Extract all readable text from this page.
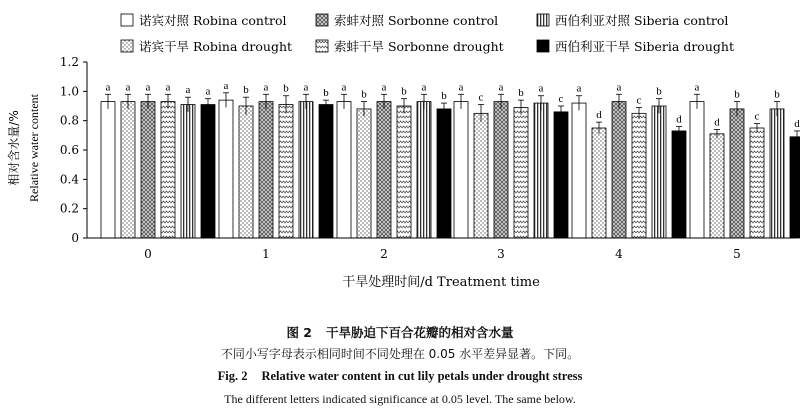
诺宾对照 Robina control	索蚌对照 Sorbonne control	西伯利亚对照 Siberia control
诺宾干旱 Robina drought	索蚌干旱 Sorbonne drought	西伯利亚干旱 Siberia drought
相对含水量/% Relative water content
0
0.2
0.4
0.6
0.8
1.0
1.2
0	1	2	3	4	5
a a a a a a a b a b a b a
b
a b a
b
a
c
a b a
c
a
d
a
c
b
d
a
d
b
c
b
d
干旱处理时间/d Treatment time
图 2 干旱胁迫下百合花瓣的相对含水量
不同小写字母表示相同时间不同处理在 0.05 水平差异显著。下同。
Fig. 2 Relative water content in cut lily petals under drought stress
The different letters indicated significance at 0.05 level. The same below.
